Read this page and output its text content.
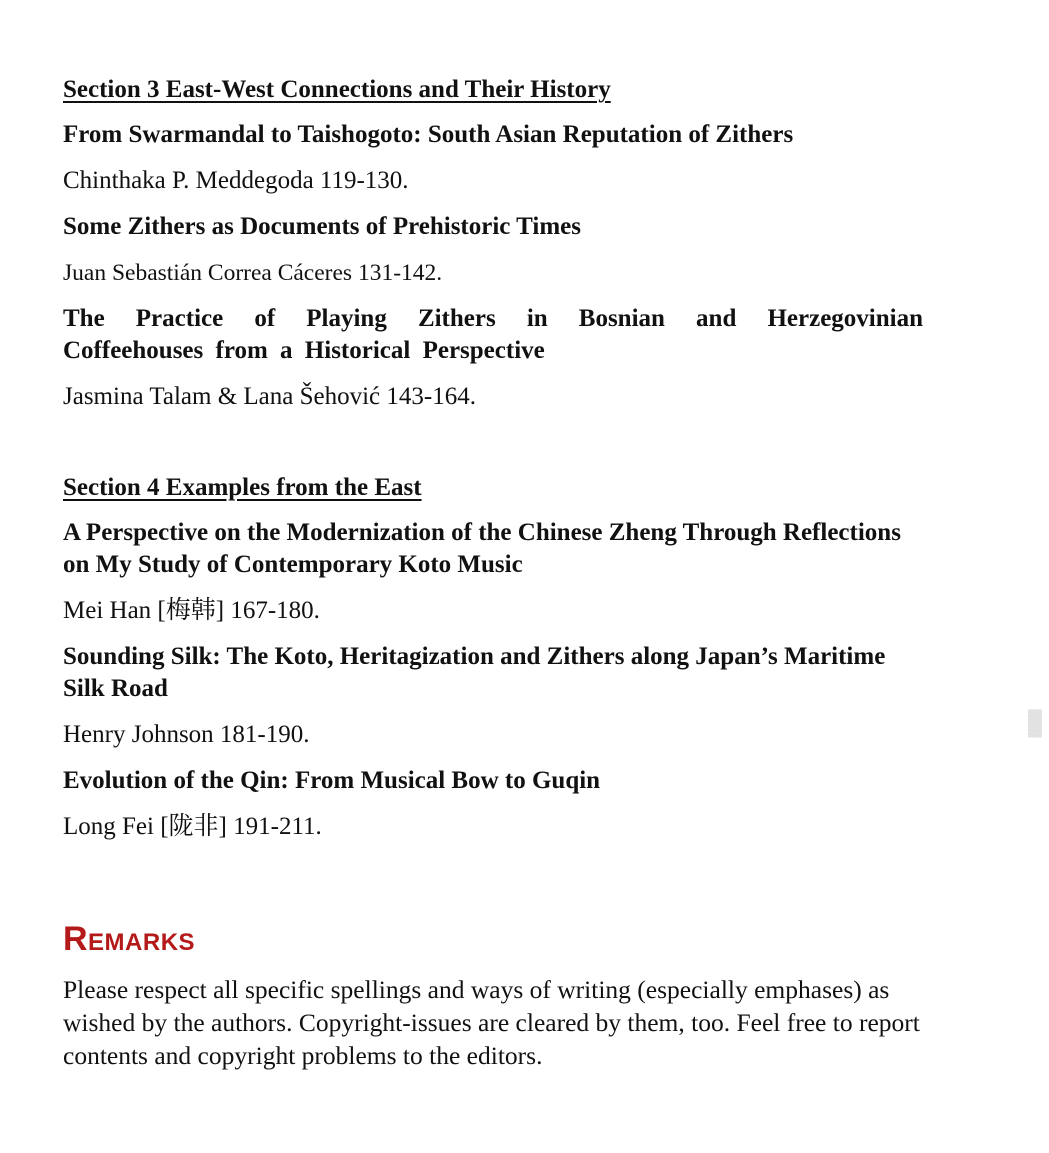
Section 3 East-West Connections and Their History
From Swarmandal to Taishogoto: South Asian Reputation of Zithers
Chinthaka P. Meddegoda 119-130.
Some Zithers as Documents of Prehistoric Times
Juan Sebastián Correa Cáceres 131-142.
The Practice of Playing Zithers in Bosnian and Herzegovinian Coffeehouses from a Historical Perspective
Jasmina Talam & Lana Šehović 143-164.
Section 4 Examples from the East
A Perspective on the Modernization of the Chinese Zheng Through Reflections on My Study of Contemporary Koto Music
Mei Han [梅韩] 167-180.
Sounding Silk: The Koto, Heritagization and Zithers along Japan’s Maritime Silk Road
Henry Johnson 181-190.
Evolution of the Qin: From Musical Bow to Guqin
Long Fei [陇非] 191-211.
Remarks

Please respect all specific spellings and ways of writing (especially emphases) as wished by the authors. Copyright-issues are cleared by them, too. Feel free to report contents and copyright problems to the editors.

▒▒▒▒▒▒▒▒▒▒▒▒
